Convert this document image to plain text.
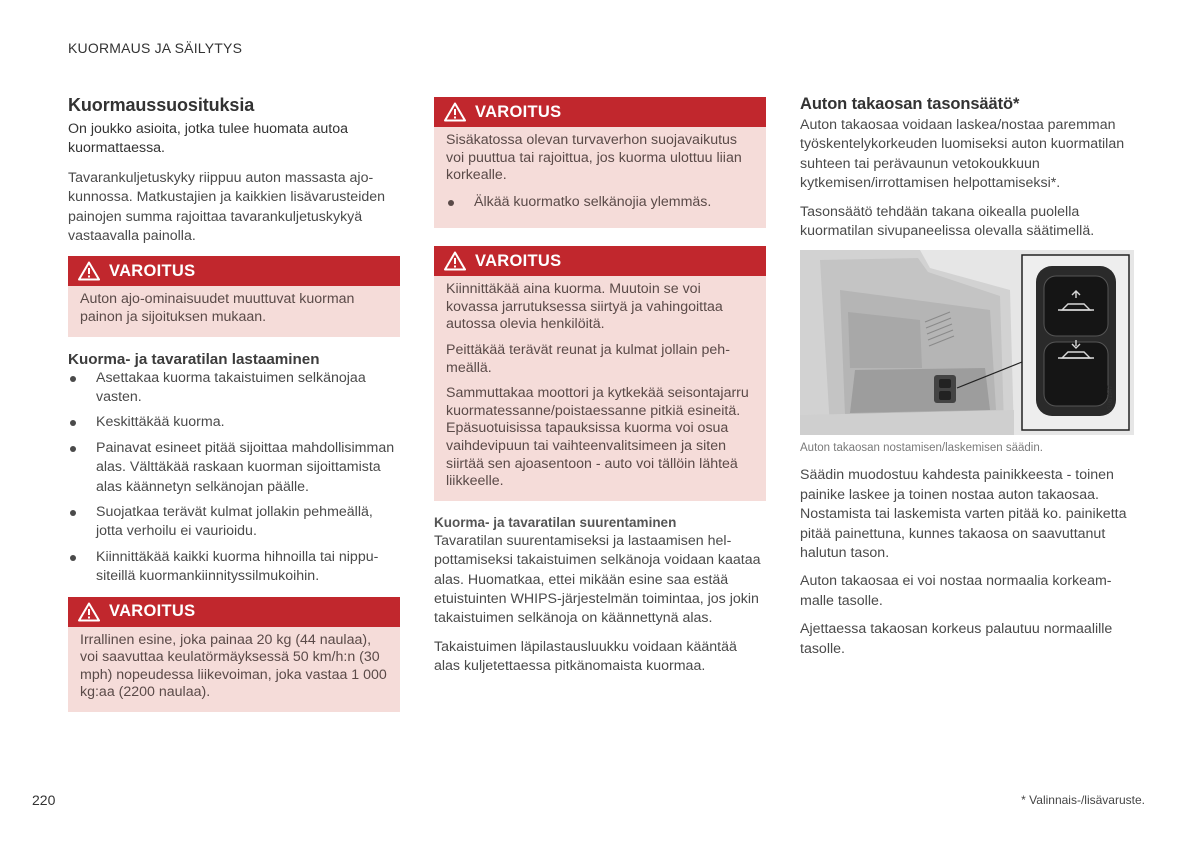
KUORMAUS JA SÄILYTYS
Kuormaussuosituksia

On joukko asioita, jotka tulee huomata autoa kuormattaessa.

Tavarankuljetuskyky riippuu auton massasta ajokunnossa. Matkustajien ja kaikkien lisävarusteiden painojen summa rajoittaa tavarankuljetuskykyä vastaavalla painolla.

VAROITUS

Auton ajo-ominaisuudet muuttuvat kuorman painon ja sijoituksen mukaan.

Kuorma- ja tavaratilan lastaaminen
Asettakaa kuorma takaistuimen selkänojaa vasten.
Keskittäkää kuorma.
Painavat esineet pitää sijoittaa mahdollisimman alas. Välttäkää raskaan kuorman sijoittamista alas käännetyn selkänojan päälle.
Suojatkaa terävät kulmat jollakin pehmeällä, jotta verhoilu ei vaurioidu.
Kiinnittäkää kaikki kuorma hihnoilla tai nippusiteillä kuormankiinnityssilmukoihin.
VAROITUS

Irrallinen esine, joka painaa 20 kg (44 naulaa), voi saavuttaa keulatörmäyksessä 50 km/h:n (30 mph) nopeudessa liikevoiman, joka vastaa 1 000 kg:aa (2200 naulaa).

VAROITUS

Sisäkatossa olevan turvaverhon suojavaikutus voi puuttua tai rajoittua, jos kuorma ulottuu liian korkealle.

Älkää kuormatko selkänojia ylemmäs.
VAROITUS

Kiinnittäkää aina kuorma. Muutoin se voi kovassa jarrutuksessa siirtyä ja vahingoittaa autossa olevia henkilöitä.

Peittäkää terävät reunat ja kulmat jollain pehmeällä.

Sammuttakaa moottori ja kytkekää seisontajarru kuormatessanne/poistaessanne pitkiä esineitä. Epäsuotuisissa tapauksissa kuorma voi osua vaihdevipuun tai vaihteenvalitsimeen ja siten siirtää sen ajoasentoon - auto voi tällöin lähteä liikkeelle.

Kuorma- ja tavaratilan suurentaminen

Tavaratilan suurentamiseksi ja lastaamisen helpottamiseksi takaistuimen selkänoja voidaan kaataa alas. Huomatkaa, ettei mikään esine saa estää etuistuinten WHIPS-järjestelmän toimintaa, jos jokin takaistuimen selkänoja on käännettynä alas.

Takaistuimen läpilastausluukku voidaan kääntää alas kuljetettaessa pitkänomaista kuormaa.

Auton takaosan tasonsäätö*

Auton takaosaa voidaan laskea/nostaa paremman työskentelykorkeuden luomiseksi auton kuormatilan suhteen tai perävaunun vetokoukkuun kytkemisen/irrottamisen helpottamiseksi*.

Tasonsäätö tehdään takana oikealla puolella kuormatilan sivupaneelissa olevalla säätimellä.

G061947
Auton takaosan nostamisen/laskemisen säädin.

Säädin muodostuu kahdesta painikkeesta - toinen painike laskee ja toinen nostaa auton takaosaa. Nostamista tai laskemista varten pitää ko. painiketta pitää painettuna, kunnes takaosa on saavuttanut halutun tason.

Auton takaosaa ei voi nostaa normaalia korkeammalle tasolle.

Ajettaessa takaosan korkeus palautuu normaalille tasolle.

220	* Valinnais-/lisävaruste.
